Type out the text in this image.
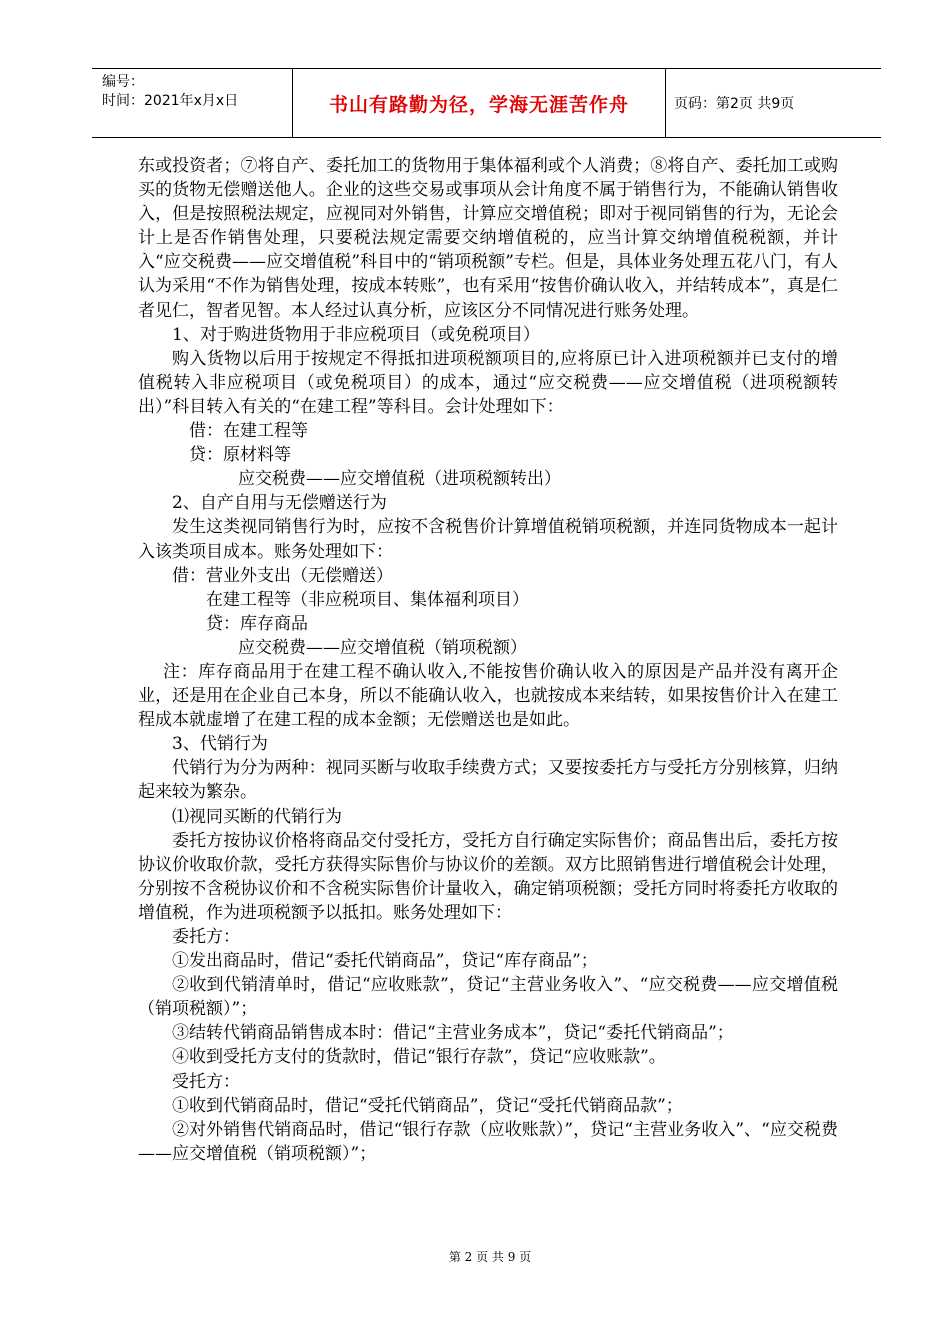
编号：
时间：2021年x月x日	书山有路勤为径，学海无涯苦作舟	页码：第2页 共9页

东或投资者；⑦将自产、委托加工的货物用于集体福利或个人消费；⑧将自产、委托加工或购买的货物无偿赠送他人。企业的这些交易或事项从会计角度不属于销售行为，不能确认销售收入，但是按照税法规定，应视同对外销售，计算应交增值税；即对于视同销售的行为，无论会计上是否作销售处理，只要税法规定需要交纳增值税的，应当计算交纳增值税税额，并计入“应交税费——应交增值税”科目中的“销项税额”专栏。但是，具体业务处理五花八门，有人认为采用“不作为销售处理，按成本转账”，也有采用“按售价确认收入，并结转成本”，真是仁者见仁，智者见智。本人经过认真分析，应该区分不同情况进行账务处理。

1、对于购进货物用于非应税项目（或免税项目）

购入货物以后用于按规定不得抵扣进项税额项目的,应将原已计入进项税额并已支付的增值税转入非应税项目（或免税项目）的成本，通过“应交税费——应交增值税（进项税额转出）”科目转入有关的“在建工程”等科目。会计处理如下：

借：在建工程等

贷：原材料等

应交税费——应交增值税（进项税额转出）

2、自产自用与无偿赠送行为

发生这类视同销售行为时，应按不含税售价计算增值税销项税额，并连同货物成本一起计入该类项目成本。账务处理如下：

借：营业外支出（无偿赠送）

在建工程等（非应税项目、集体福利项目）

贷：库存商品

应交税费——应交增值税（销项税额）

注：库存商品用于在建工程不确认收入,不能按售价确认收入的原因是产品并没有离开企业，还是用在企业自己本身，所以不能确认收入，也就按成本来结转，如果按售价计入在建工程成本就虚增了在建工程的成本金额；无偿赠送也是如此。

3、代销行为

代销行为分为两种：视同买断与收取手续费方式；又要按委托方与受托方分别核算，归纳起来较为繁杂。

⑴视同买断的代销行为

委托方按协议价格将商品交付受托方，受托方自行确定实际售价；商品售出后，委托方按协议价收取价款，受托方获得实际售价与协议价的差额。双方比照销售进行增值税会计处理，分别按不含税协议价和不含税实际售价计量收入，确定销项税额；受托方同时将委托方收取的增值税，作为进项税额予以抵扣。账务处理如下：

委托方：

①发出商品时，借记“委托代销商品”，贷记“库存商品”；

②收到代销清单时，借记“应收账款”，贷记“主营业务收入”、“应交税费——应交增值税（销项税额）”；

③结转代销商品销售成本时：借记“主营业务成本”，贷记“委托代销商品”；

④收到受托方支付的货款时，借记“银行存款”，贷记“应收账款”。

受托方：

①收到代销商品时，借记“受托代销商品”，贷记“受托代销商品款”；

②对外销售代销商品时，借记“银行存款（应收账款）”，贷记“主营业务收入”、“应交税费——应交增值税（销项税额）”；

第 2 页 共 9 页
